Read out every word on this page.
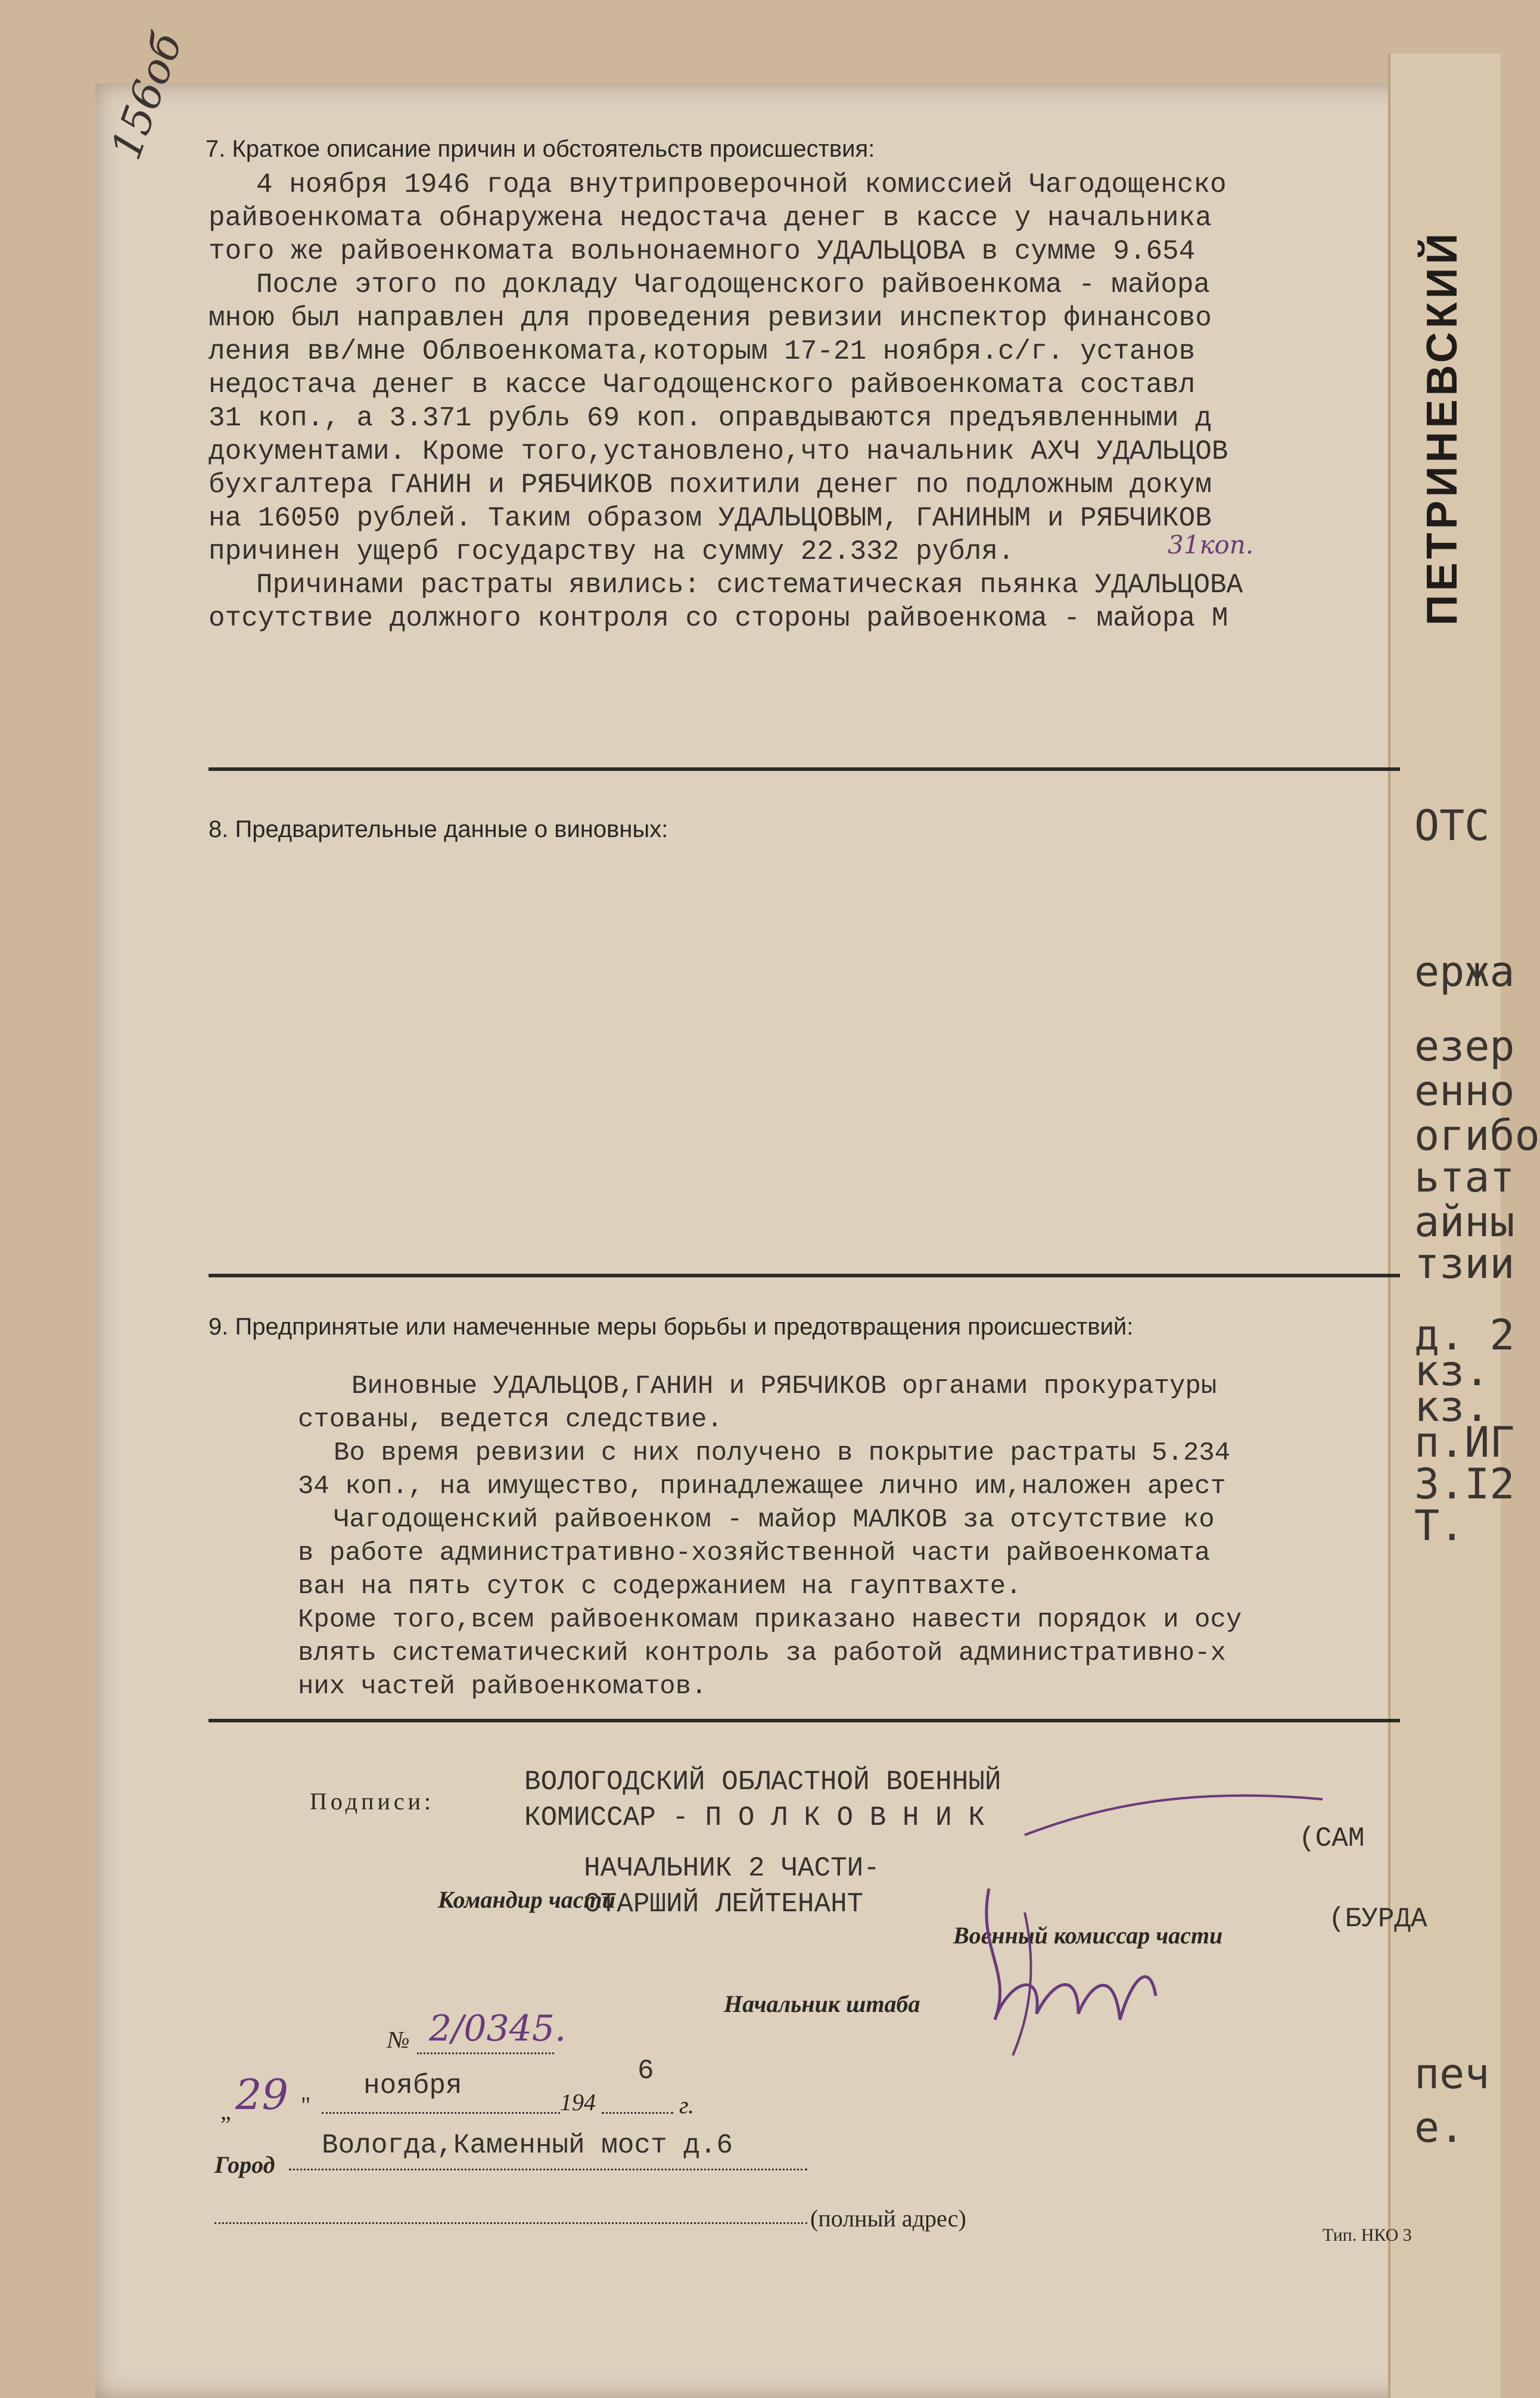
ОТС
ержа
езер
енно
огибо
ьтат
айны
тзии
д. 2
кз.
кз.
п.ИГ
3.I2
Т.
печ
е.
ПЕТРИНЕВСКИЙ
156об 7. Краткое описание причин и обстоятельств происшествия:
4 ноября 1946 года внутрипроверочной комиссией Чагодощенско
райвоенкомата обнаружена недостача денег в кассе у начальника
того же райвоенкомата вольнонаемного УДАЛЬЦОВА в сумме 9.654
После этого по докладу Чагодощенского райвоенкома - майора
мною был направлен для проведения ревизии инспектор финансово
ления вв/мне Облвоенкомата,которым 17-21 ноября.с/г. установ
недостача денег в кассе Чагодощенского райвоенкомата составл
31 коп., а 3.371 рубль 69 коп. оправдываются предъявленными д
документами. Кроме того,установлено,что начальник АХЧ УДАЛЬЦОВ
бухгалтера ГАНИН и РЯБЧИКОВ похитили денег по подложным докум
на 16050 рублей. Таким образом УДАЛЬЦОВЫМ, ГАНИНЫМ и РЯБЧИКОВ
причинен ущерб государству на сумму 22.332 рубля.
Причинами растраты явились: систематическая пьянка УДАЛЬЦОВА
отсутствие должного контроля со стороны райвоенкома - майора М
31коп.
8. Предварительные данные о виновных:
9. Предпринятые или намеченные меры борьбы и предотвращения происшествий:
Виновные УДАЛЬЦОВ,ГАНИН и РЯБЧИКОВ органами прокуратуры
стованы, ведется следствие.
Во время ревизии с них получено в покрытие растраты 5.234
34 коп., на имущество, принадлежащее лично им,наложен арест
Чагодощенский райвоенком - майор МАЛКОВ за отсутствие ко
в работе административно-хозяйственной части райвоенкомата
ван на пять суток с содержанием на гауптвахте.
Кроме того,всем райвоенкомам приказано навести порядок и осу
влять систематический контроль за работой административно-х
них частей райвоенкоматов.
Подписи:
ВОЛОГОДСКИЙ ОБЛАСТНОЙ ВОЕННЫЙ
КОМИССАР - П О Л К О В Н И К
(САМ
НАЧАЛЬНИК 2 ЧАСТИ-
СТАРШИЙ ЛЕЙТЕНАНТ	(БУРДА
Командир части
Военный комиссар части
Начальник штаба
№ 2/0345.
„ 29 "
ноября
194
6
г.
Город
Вологда,Каменный мост д.6
(полный адрес)
Тип. НКО 3
